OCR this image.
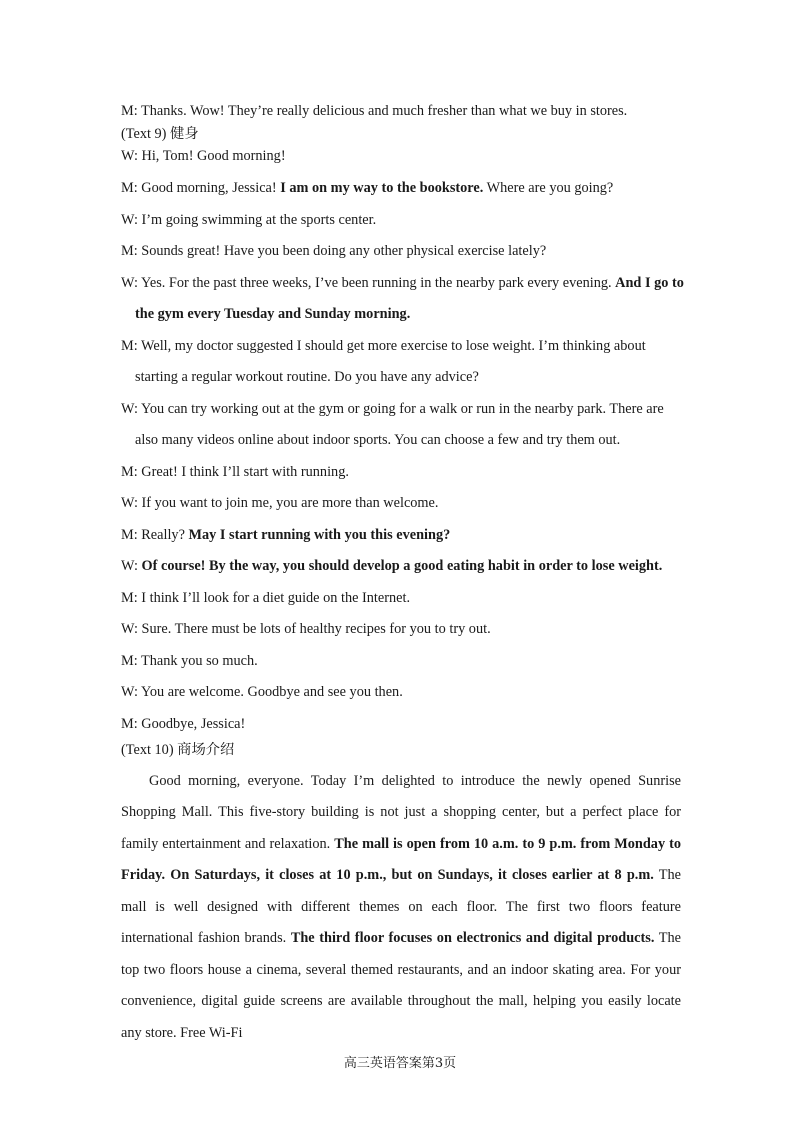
M: Thanks. Wow! They’re really delicious and much fresher than what we buy in stores.
(Text 9) 健身
W: Hi, Tom! Good morning!
M: Good morning, Jessica! I am on my way to the bookstore. Where are you going?
W: I’m going swimming at the sports center.
M: Sounds great! Have you been doing any other physical exercise lately?
W: Yes. For the past three weeks, I’ve been running in the nearby park every evening. And I go to
the gym every Tuesday and Sunday morning.
M: Well, my doctor suggested I should get more exercise to lose weight. I’m thinking about
starting a regular workout routine. Do you have any advice?
W: You can try working out at the gym or going for a walk or run in the nearby park. There are
also many videos online about indoor sports. You can choose a few and try them out.
M: Great! I think I’ll start with running.
W: If you want to join me, you are more than welcome.
M: Really? May I start running with you this evening?
W: Of course! By the way, you should develop a good eating habit in order to lose weight.
M: I think I’ll look for a diet guide on the Internet.
W: Sure. There must be lots of healthy recipes for you to try out.
M: Thank you so much.
W: You are welcome. Goodbye and see you then.
M: Goodbye, Jessica!
(Text 10) 商场介绍
Good morning, everyone. Today I’m delighted to introduce the newly opened Sunrise Shopping Mall. This five-story building is not just a shopping center, but a perfect place for family entertainment and relaxation. The mall is open from 10 a.m. to 9 p.m. from Monday to Friday. On Saturdays, it closes at 10 p.m., but on Sundays, it closes earlier at 8 p.m. The mall is well designed with different themes on each floor. The first two floors feature international fashion brands. The third floor focuses on electronics and digital products. The top two floors house a cinema, several themed restaurants, and an indoor skating area. For your convenience, digital guide screens are available throughout the mall, helping you easily locate any store. Free Wi-Fi
高三英语答案第3页
